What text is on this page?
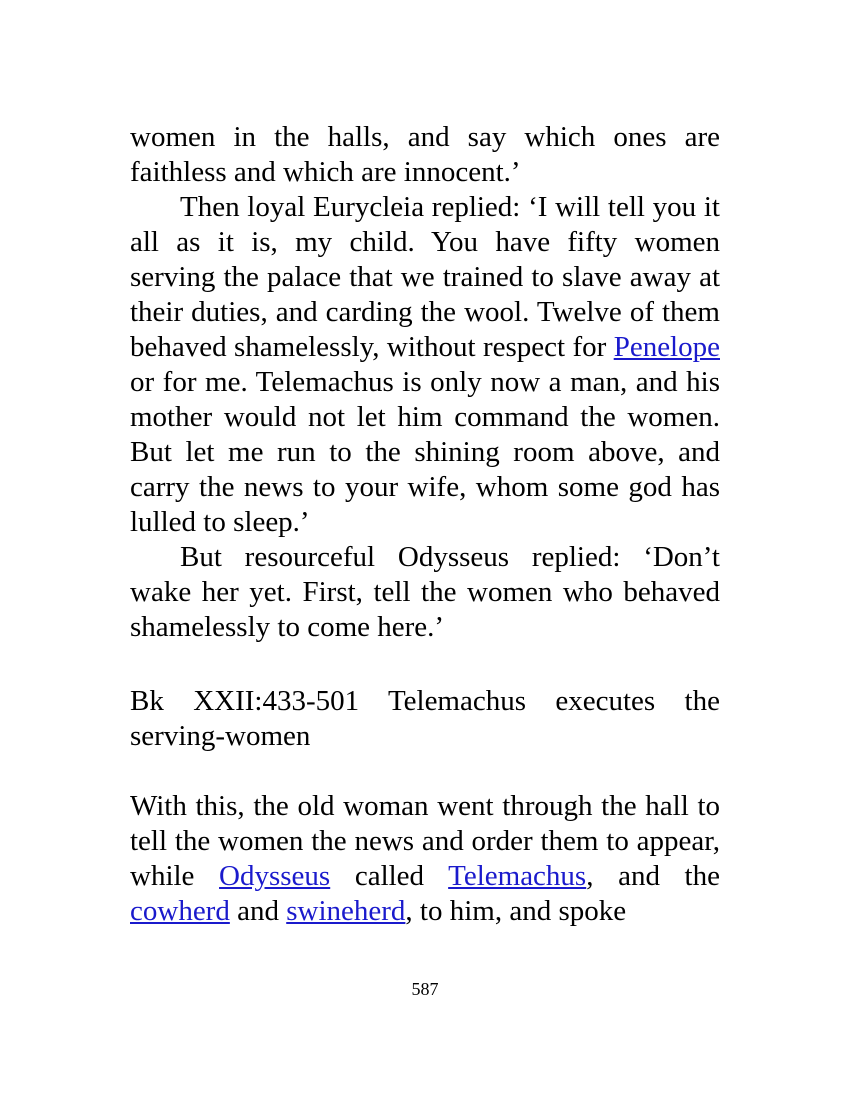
women in the halls, and say which ones are faithless and which are innocent.’

Then loyal Eurycleia replied: ‘I will tell you it all as it is, my child. You have fifty women serving the palace that we trained to slave away at their duties, and carding the wool. Twelve of them behaved shamelessly, without respect for Penelope or for me. Telemachus is only now a man, and his mother would not let him command the women. But let me run to the shining room above, and carry the news to your wife, whom some god has lulled to sleep.’

But resourceful Odysseus replied: ‘Don’t wake her yet. First, tell the women who behaved shamelessly to come here.’

Bk XXII:433-501 Telemachus executes the serving-women
With this, the old woman went through the hall to tell the women the news and order them to appear, while Odysseus called Telemachus, and the cowherd and swineherd, to him, and spoke
587
